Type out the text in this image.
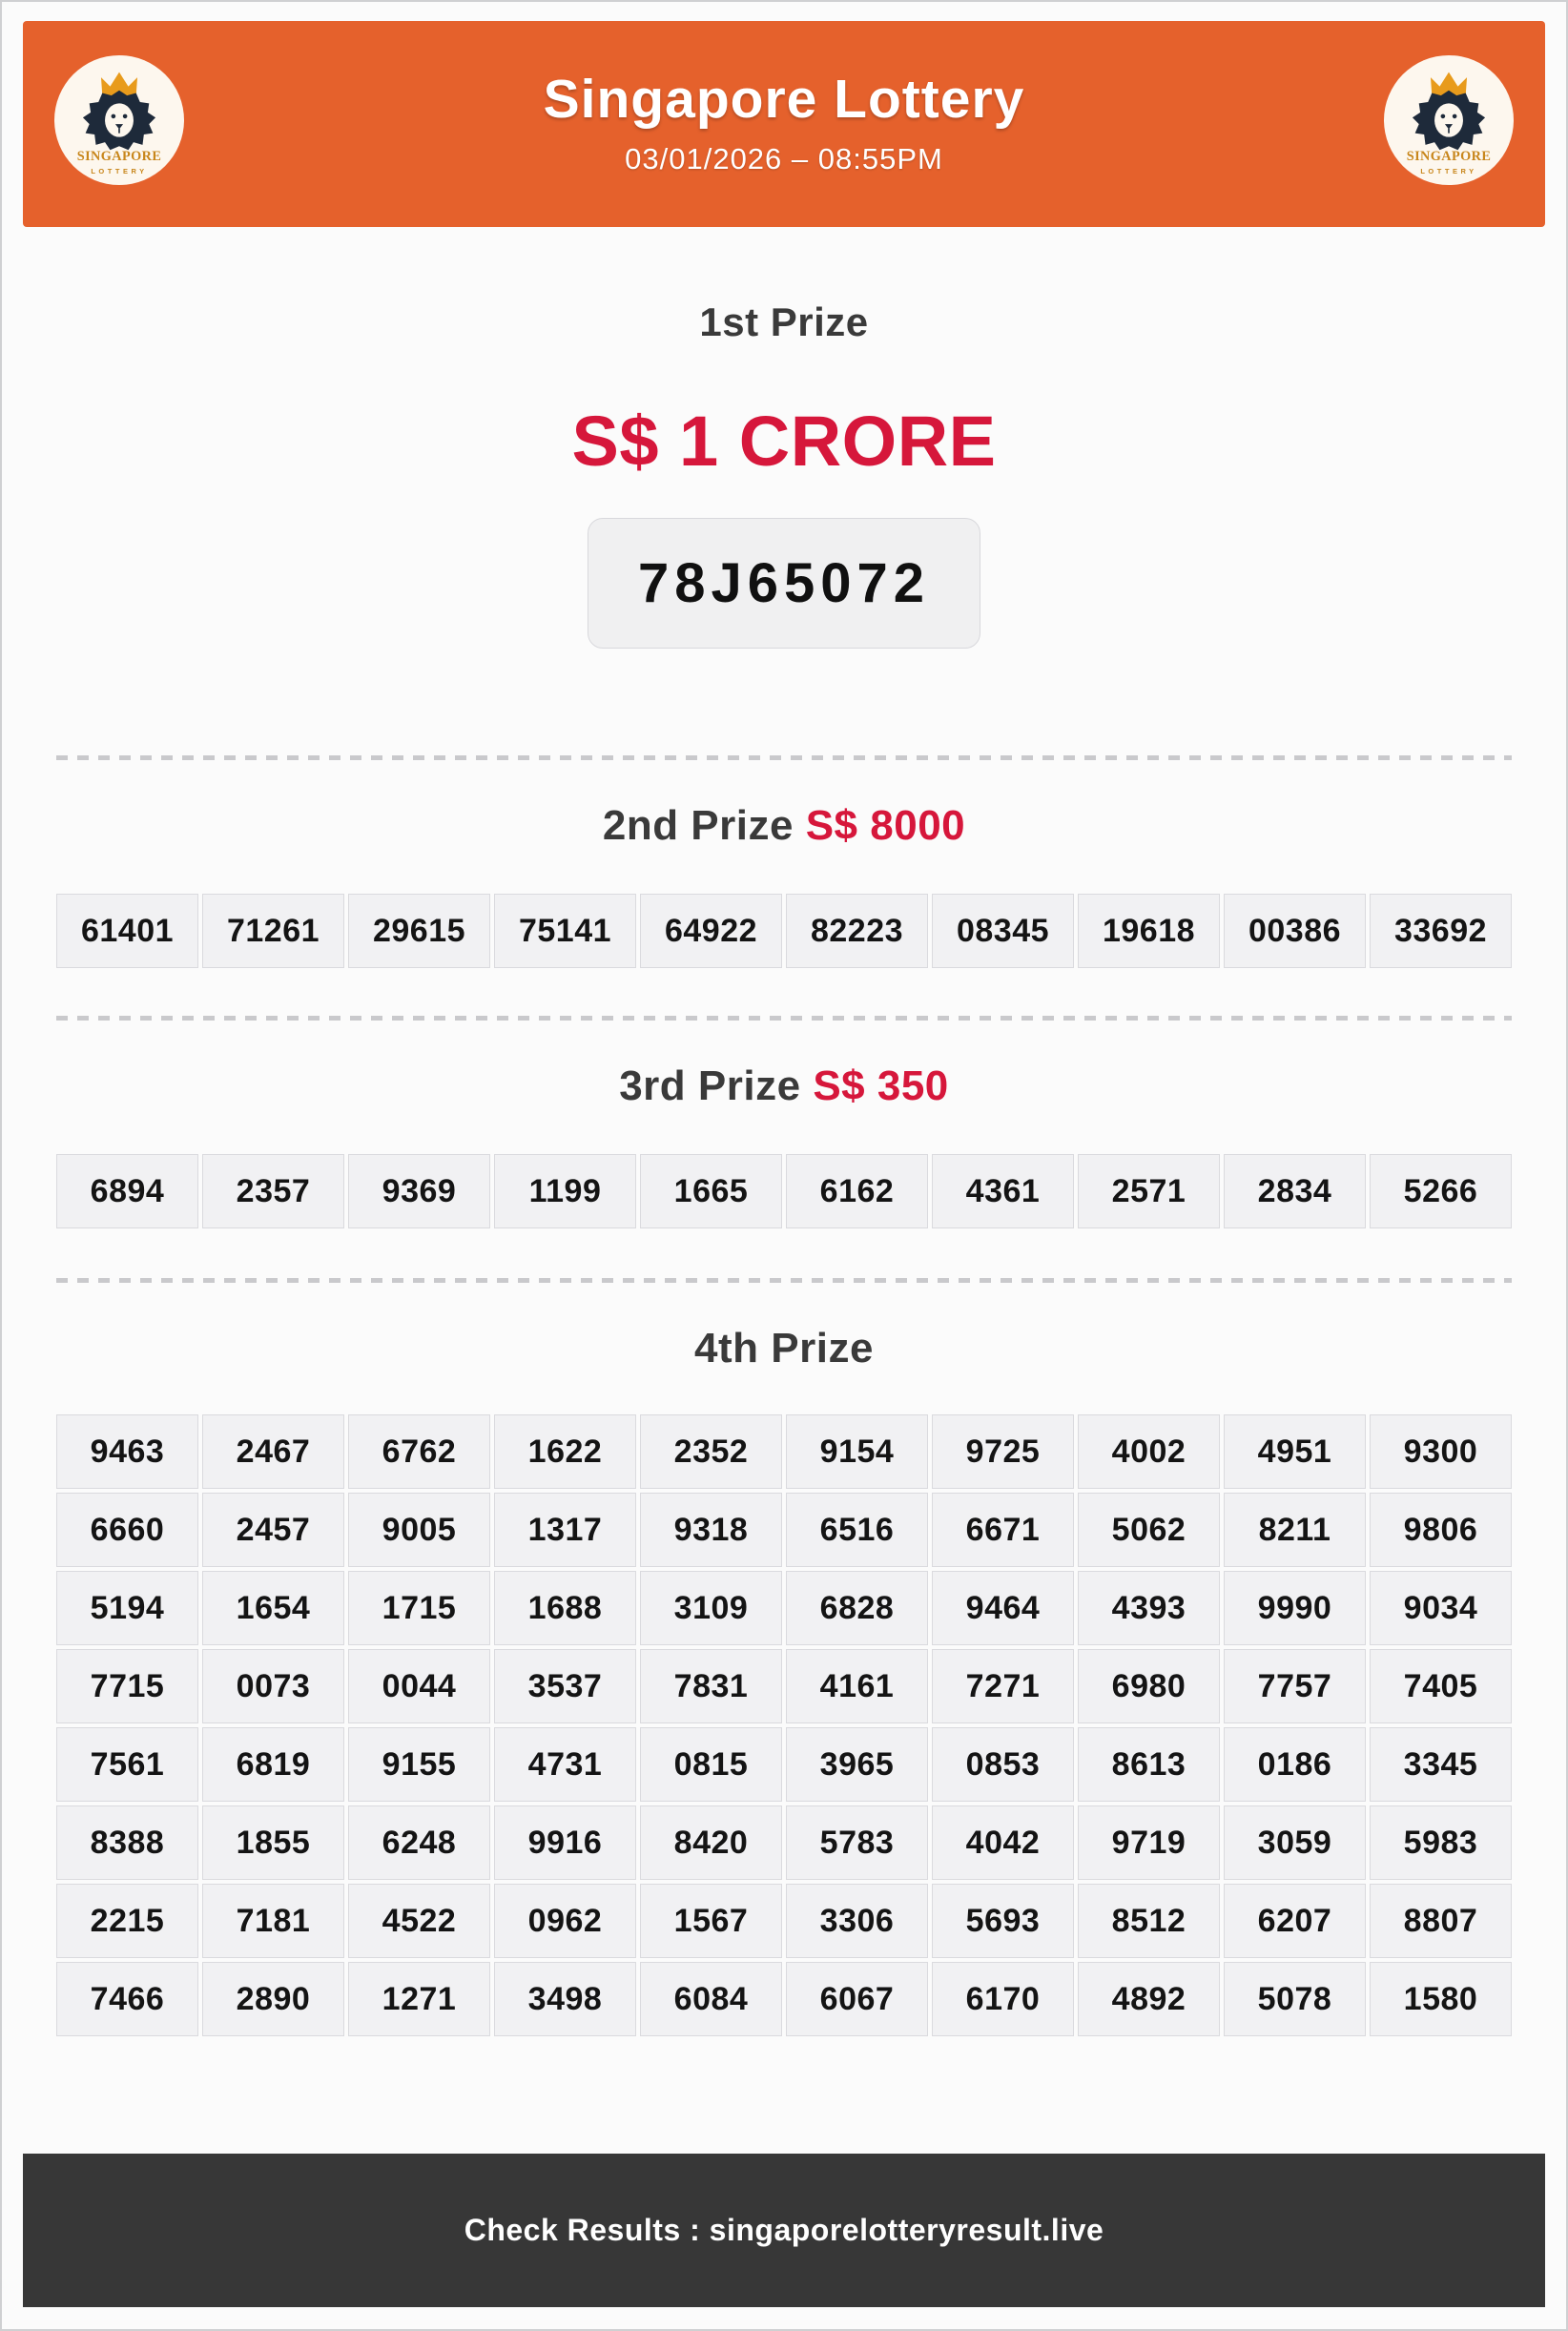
SINGAPORE
LOTTERY
Singapore Lottery
03/01/2026 – 08:55PM	SINGAPORE
LOTTERY
1st Prize
S$ 1 CRORE
78J65072
2nd Prize S$ 8000
61401	71261	29615	75141	64922	82223	08345	19618	00386	33692
3rd Prize S$ 350
6894	2357	9369	1199	1665	6162	4361	2571	2834	5266
4th Prize
9463	2467	6762	1622	2352	9154	9725	4002	4951	9300
6660	2457	9005	1317	9318	6516	6671	5062	8211	9806
5194	1654	1715	1688	3109	6828	9464	4393	9990	9034
7715	0073	0044	3537	7831	4161	7271	6980	7757	7405
7561	6819	9155	4731	0815	3965	0853	8613	0186	3345
8388	1855	6248	9916	8420	5783	4042	9719	3059	5983
2215	7181	4522	0962	1567	3306	5693	8512	6207	8807
7466	2890	1271	3498	6084	6067	6170	4892	5078	1580
Check Results : singaporelotteryresult.live
